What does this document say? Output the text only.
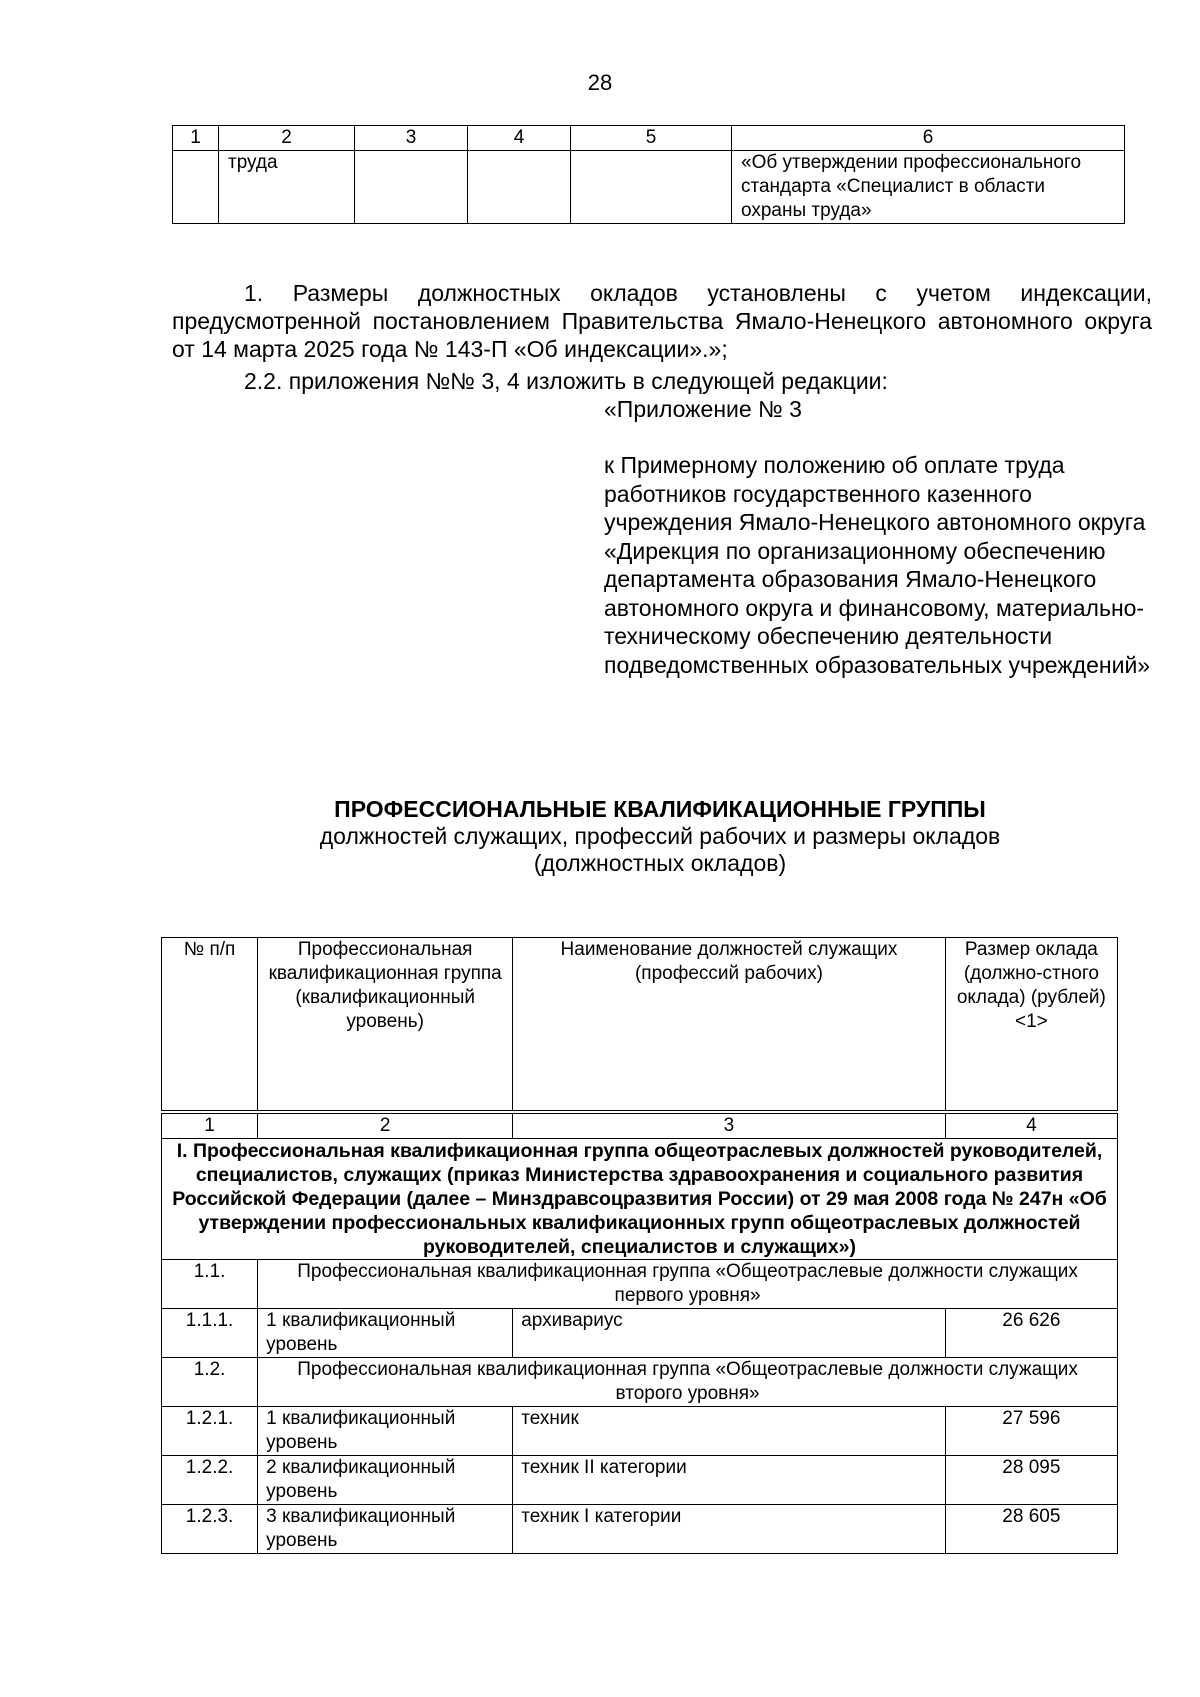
28
1	2	3	4	5	6
	труда				«Об утверждении профессионального стандарта «Специалист в области охраны труда»
1. Размеры должностных окладов установлены с учетом индексации, предусмотренной постановлением Правительства Ямало-Ненецкого автономного округа от 14 марта 2025 года № 143-П «Об индексации».»;
2.2. приложения №№ 3, 4 изложить в следующей редакции:
«Приложение № 3
к Примерному положению об оплате труда работников государственного казенного учреждения Ямало-Ненецкого автономного округа «Дирекция по организационному обеспечению департамента образования Ямало-Ненецкого автономного округа и финансовому, материально-техническому обеспечению деятельности подведомственных образовательных учреждений»
ПРОФЕССИОНАЛЬНЫЕ КВАЛИФИКАЦИОННЫЕ ГРУППЫ
должностей служащих, профессий рабочих и размеры окладов
(должностных окладов)
№ п/п	Профессиональная квалификационная группа (квалификационный уровень)	Наименование должностей служащих (профессий рабочих)	Размер оклада (должно-стного оклада) (рублей) <1>
1	2	3	4
I. Профессиональная квалификационная группа общеотраслевых должностей руководителей, специалистов, служащих (приказ Министерства здравоохранения и социального развития Российской Федерации (далее – Минздравсоцразвития России) от 29 мая 2008 года № 247н «Об утверждении профессиональных квалификационных групп общеотраслевых должностей руководителей, специалистов и служащих»)			
1.1.	Профессиональная квалификационная группа «Общеотраслевые должности служащих первого уровня»		
1.1.1.	1 квалификационный уровень	архивариус	26 626
1.2.	Профессиональная квалификационная группа «Общеотраслевые должности служащих второго уровня»		
1.2.1.	1 квалификационный уровень	техник	27 596
1.2.2.	2 квалификационный уровень	техник II категории	28 095
1.2.3.	3 квалификационный уровень	техник I категории	28 605
